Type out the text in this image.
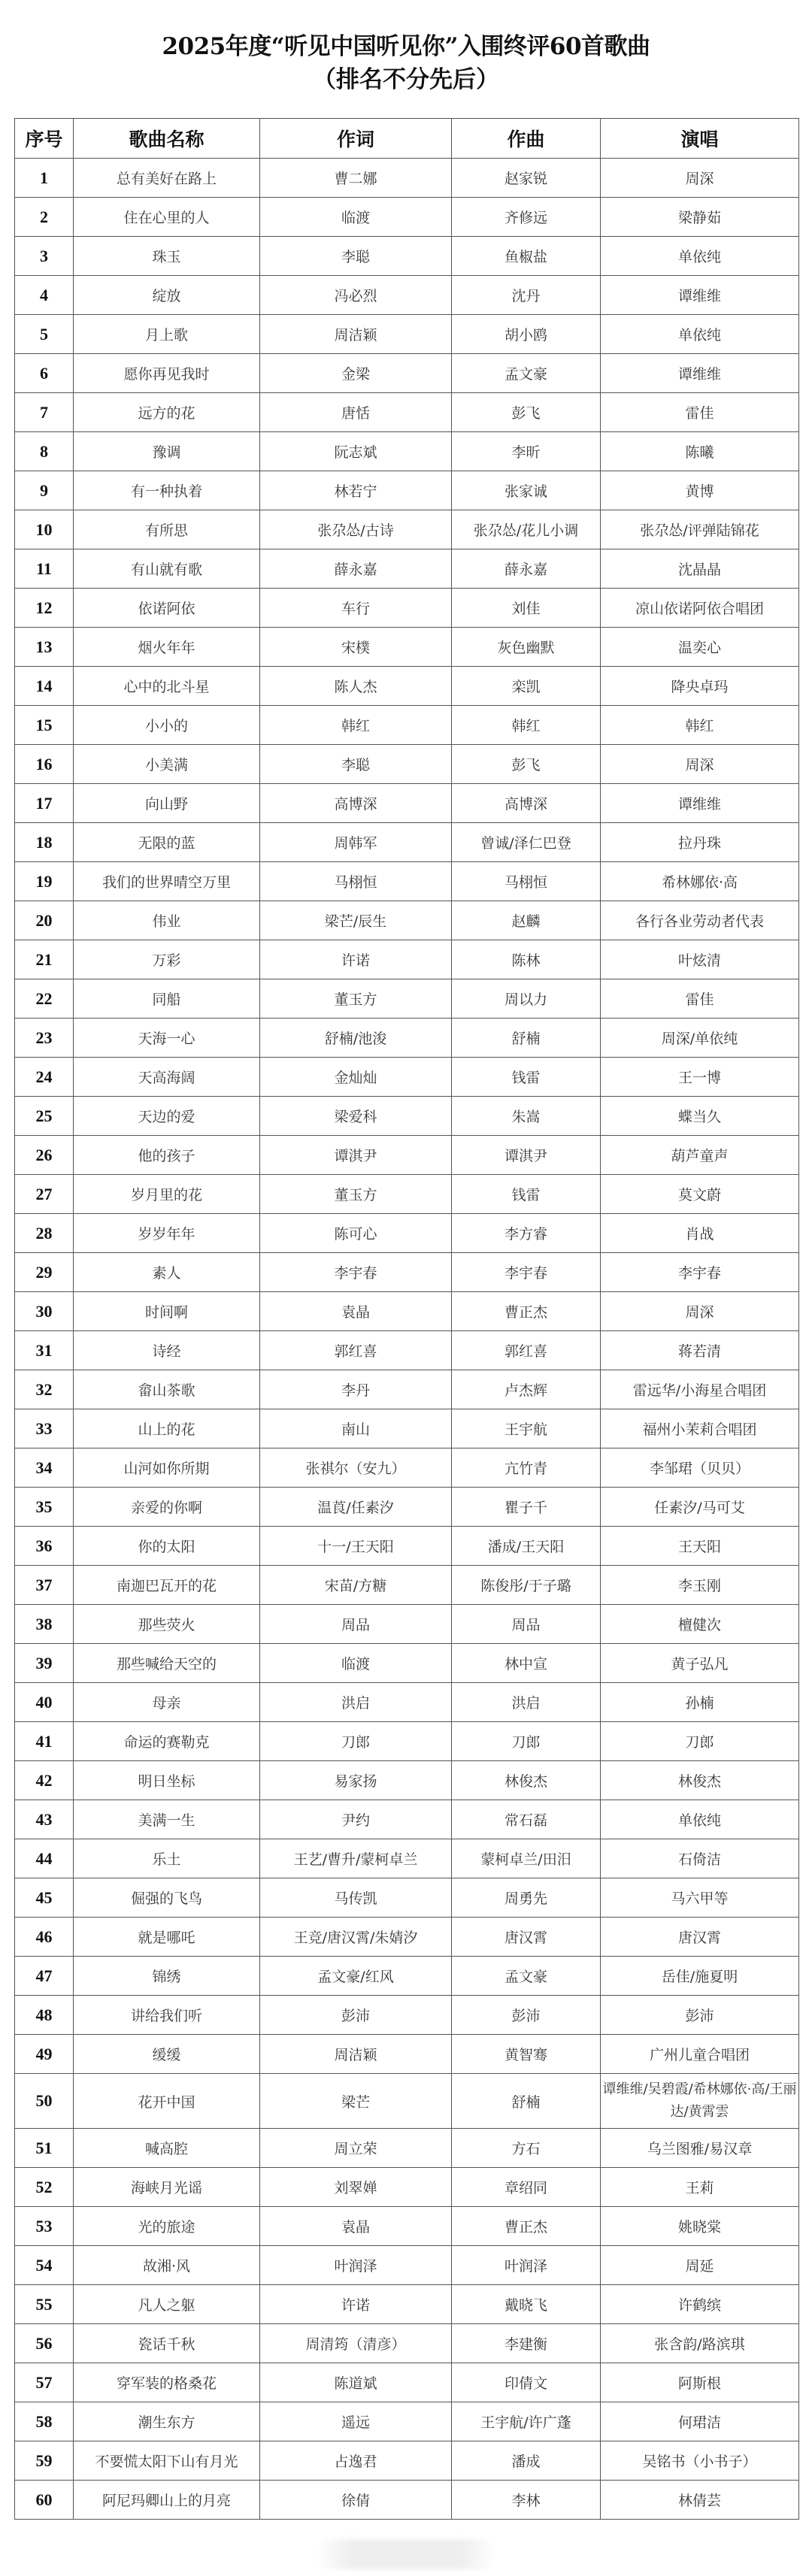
2025年度“听见中国听见你”入围终评60首歌曲
（排名不分先后）
序号	歌曲名称	作词	作曲	演唱
1	总有美好在路上	曹二娜	赵家锐	周深
2	住在心里的人	临渡	齐修远	梁静茹
3	珠玉	李聪	鱼椒盐	单依纯
4	绽放	冯必烈	沈丹	谭维维
5	月上歌	周洁颖	胡小鸥	单依纯
6	愿你再见我时	金梁	孟文豪	谭维维
7	远方的花	唐恬	彭飞	雷佳
8	豫调	阮志斌	李昕	陈曦
9	有一种执着	林若宁	张家诚	黄博
10	有所思	张尕怂/古诗	张尕怂/花儿小调	张尕怂/评弹陆锦花
11	有山就有歌	薛永嘉	薛永嘉	沈晶晶
12	依诺阿依	车行	刘佳	凉山依诺阿依合唱团
13	烟火年年	宋樸	灰色幽默	温奕心
14	心中的北斗星	陈人杰	栾凯	降央卓玛
15	小小的	韩红	韩红	韩红
16	小美满	李聪	彭飞	周深
17	向山野	高博深	高博深	谭维维
18	无限的蓝	周韩军	曾诚/泽仁巴登	拉丹珠
19	我们的世界晴空万里	马栩恒	马栩恒	希林娜依·高
20	伟业	梁芒/辰生	赵麟	各行各业劳动者代表
21	万彩	许诺	陈林	叶炫清
22	同船	董玉方	周以力	雷佳
23	天海一心	舒楠/池浚	舒楠	周深/单依纯
24	天高海阔	金灿灿	钱雷	王一博
25	天边的爱	梁爱科	朱嵩	蝶当久
26	他的孩子	谭淇尹	谭淇尹	葫芦童声
27	岁月里的花	董玉方	钱雷	莫文蔚
28	岁岁年年	陈可心	李方睿	肖战
29	素人	李宇春	李宇春	李宇春
30	时间啊	袁晶	曹正杰	周深
31	诗经	郭红喜	郭红喜	蒋若清
32	畲山茶歌	李丹	卢杰辉	雷远华/小海星合唱团
33	山上的花	南山	王宇航	福州小茉莉合唱团
34	山河如你所期	张祺尔（安九）	亢竹青	李邹珺（贝贝）
35	亲爱的你啊	温莨/任素汐	瞿子千	任素汐/马可艾
36	你的太阳	十一/王天阳	潘成/王天阳	王天阳
37	南迦巴瓦开的花	宋苗/方糖	陈俊彤/于子璐	李玉刚
38	那些荧火	周品	周品	檀健次
39	那些喊给天空的	临渡	林中宣	黄子弘凡
40	母亲	洪启	洪启	孙楠
41	命运的赛勒克	刀郎	刀郎	刀郎
42	明日坐标	易家扬	林俊杰	林俊杰
43	美满一生	尹约	常石磊	单依纯
44	乐土	王艺/曹升/蒙柯卓兰	蒙柯卓兰/田汨	石倚洁
45	倔强的飞鸟	马传凯	周勇先	马六甲等
46	就是哪吒	王竞/唐汉霄/朱婧汐	唐汉霄	唐汉霄
47	锦绣	孟文豪/红风	孟文豪	岳佳/施夏明
48	讲给我们听	彭沛	彭沛	彭沛
49	缓缓	周洁颖	黄智骞	广州儿童合唱团
50	花开中国	梁芒	舒楠	谭维维/吴碧霞/希林娜依·高/王丽达/黄霄雲
51	喊高腔	周立荣	方石	乌兰图雅/易汉章
52	海峡月光谣	刘翠婵	章绍同	王莉
53	光的旅途	袁晶	曹正杰	姚晓棠
54	故湘·风	叶润泽	叶润泽	周延
55	凡人之躯	许诺	戴晓飞	许鹤缤
56	瓷话千秋	周清筠（清彦）	李建衡	张含韵/路滨琪
57	穿军装的格桑花	陈道斌	印倩文	阿斯根
58	潮生东方	遥远	王宇航/许广蓬	何珺洁
59	不要慌太阳下山有月光	占逸君	潘成	吴铭书（小书子）
60	阿尼玛卿山上的月亮	徐倩	李林	林倩芸
